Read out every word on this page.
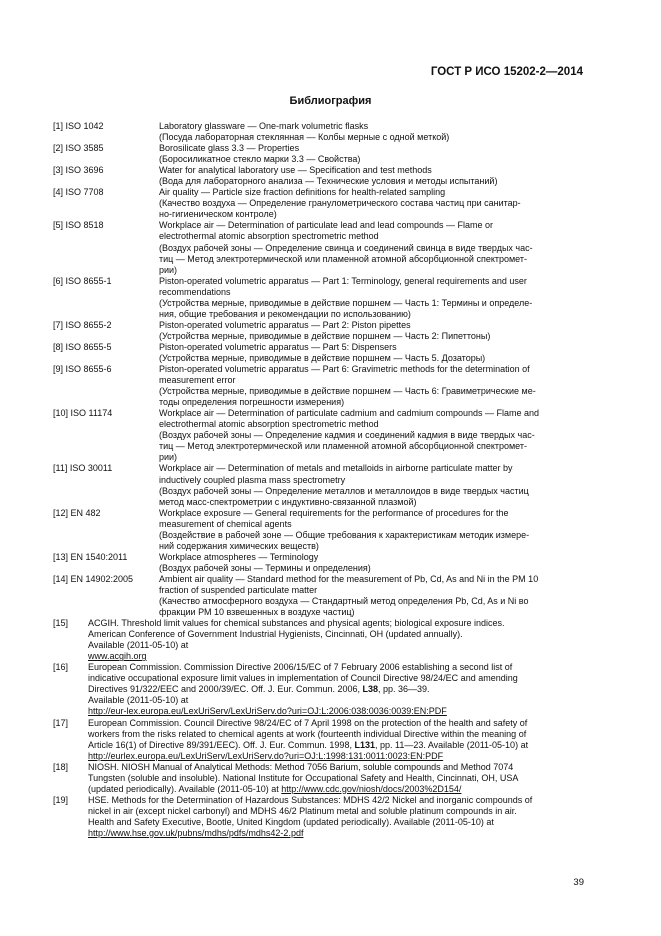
ГОСТ Р ИСО 15202-2—2014
Библиография
[1] ISO 1042	Laboratory glassware — One-mark volumetric flasks
(Посуда лабораторная стеклянная — Колбы мерные с одной меткой)
[2] ISO 3585	Borosilicate glass 3.3 — Properties
(Боросиликатное стекло марки 3.3 — Свойства)
[3] ISO 3696	Water for analytical laboratory use — Specification and test methods
(Вода для лабораторного анализа — Технические условия и методы испытаний)
[4] ISO 7708	Air quality — Particle size fraction definitions for health-related sampling
(Качество воздуха — Определение гранулометрического состава частиц при санитар-
но-гигиеническом контроле)
[5] ISO 8518	Workplace air — Determination of particulate lead and lead compounds — Flame or
electrothermal atomic absorption spectrometric method
(Воздух рабочей зоны — Определение свинца и соединений свинца в виде твердых час-
тиц — Метод электротермической или пламенной атомной абсорбционной спектромет-
рии)
[6] ISO 8655-1	Piston-operated volumetric apparatus — Part 1: Terminology, general requirements and user
recommendations
(Устройства мерные, приводимые в действие поршнем — Часть 1: Термины и определе-
ния, общие требования и рекомендации по использованию)
[7] ISO 8655-2	Piston-operated volumetric apparatus — Part 2: Piston pipettes
(Устройства мерные, приводимые в действие поршнем — Часть 2: Пипеттоны)
[8] ISO 8655-5	Piston-operated volumetric apparatus — Part 5: Dispensers
(Устройства мерные, приводимые в действие поршнем — Часть 5. Дозаторы)
[9] ISO 8655-6	Piston-operated volumetric apparatus — Part 6: Gravimetric methods for the determination of
measurement error
(Устройства мерные, приводимые в действие поршнем — Часть 6: Гравиметрические ме-
тоды определения погрешности измерения)
[10] ISO 11174	Workplace air — Determination of particulate cadmium and cadmium compounds — Flame and
electrothermal atomic absorption spectrometric method
(Воздух рабочей зоны — Определение кадмия и соединений кадмия в виде твердых час-
тиц — Метод электротермической или пламенной атомной абсорбционной спектромет-
рии)
[11] ISO 30011	Workplace air — Determination of metals and metalloids in airborne particulate matter by
inductively coupled plasma mass spectrometry
(Воздух рабочей зоны — Определение металлов и металлоидов в виде твердых частиц
метод масс-спектрометрии с индуктивно-связанной плазмой)
[12] EN 482	Workplace exposure — General requirements for the performance of procedures for the
measurement of chemical agents
(Воздействие в рабочей зоне — Общие требования к характеристикам методик измере-
ний содержания химических веществ)
[13] EN 1540:2011	Workplace atmospheres — Terminology
(Воздух рабочей зоны — Термины и определения)
[14] EN 14902:2005	Ambient air quality — Standard method for the measurement of Pb, Cd, As and Ni in the PM 10
fraction of suspended particulate matter
(Качество атмосферного воздуха — Стандартный метод определения Pb, Cd, As и Ni во
фракции РМ 10 взвешенных в воздухе частиц)
[15]	ACGIH. Threshold limit values for chemical substances and physical agents; biological exposure indices.
American Conference of Government Industrial Hygienists, Cincinnati, OH (updated annually).
Available (2011-05-10) at
www.acgih.org
[16]	European Commission. Commission Directive 2006/15/EC of 7 February 2006 establishing a second list of
indicative occupational exposure limit values in implementation of Council Directive 98/24/EC and amending
Directives 91/322/EEC and 2000/39/EC. Off. J. Eur. Commun. 2006, L38, pp. 36—39.
Available (2011-05-10) at
http://eur-lex.europa.eu/LexUriServ/LexUriServ.do?uri=OJ:L:2006:038:0036:0039:EN:PDF
[17]	European Commission. Council Directive 98/24/EC of 7 April 1998 on the protection of the health and safety of
workers from the risks related to chemical agents at work (fourteenth individual Directive within the meaning of
Article 16(1) of Directive 89/391/EEC). Off. J. Eur. Commun. 1998, L131, pp. 11—23. Available (2011-05-10) at
http://eurlex.europa.eu/LexUriServ/LexUriServ.do?uri=OJ:L:1998:131:0011:0023:EN:PDF
[18]	NIOSH. NIOSH Manual of Analytical Methods: Method 7056 Barium, soluble compounds and Method 7074
Tungsten (soluble and insoluble). National Institute for Occupational Safety and Health, Cincinnati, OH, USA
(updated periodically). Available (2011-05-10) at http://www.cdc.gov/niosh/docs/2003%2D154/
[19]	HSE. Methods for the Determination of Hazardous Substances: MDHS 42/2 Nickel and inorganic compounds of
nickel in air (except nickel carbonyl) and MDHS 46/2 Platinum metal and soluble platinum compounds in air.
Health and Safety Executive, Bootle, United Kingdom (updated periodically). Available (2011-05-10) at
http://www.hse.gov.uk/pubns/mdhs/pdfs/mdhs42-2.pdf
39
